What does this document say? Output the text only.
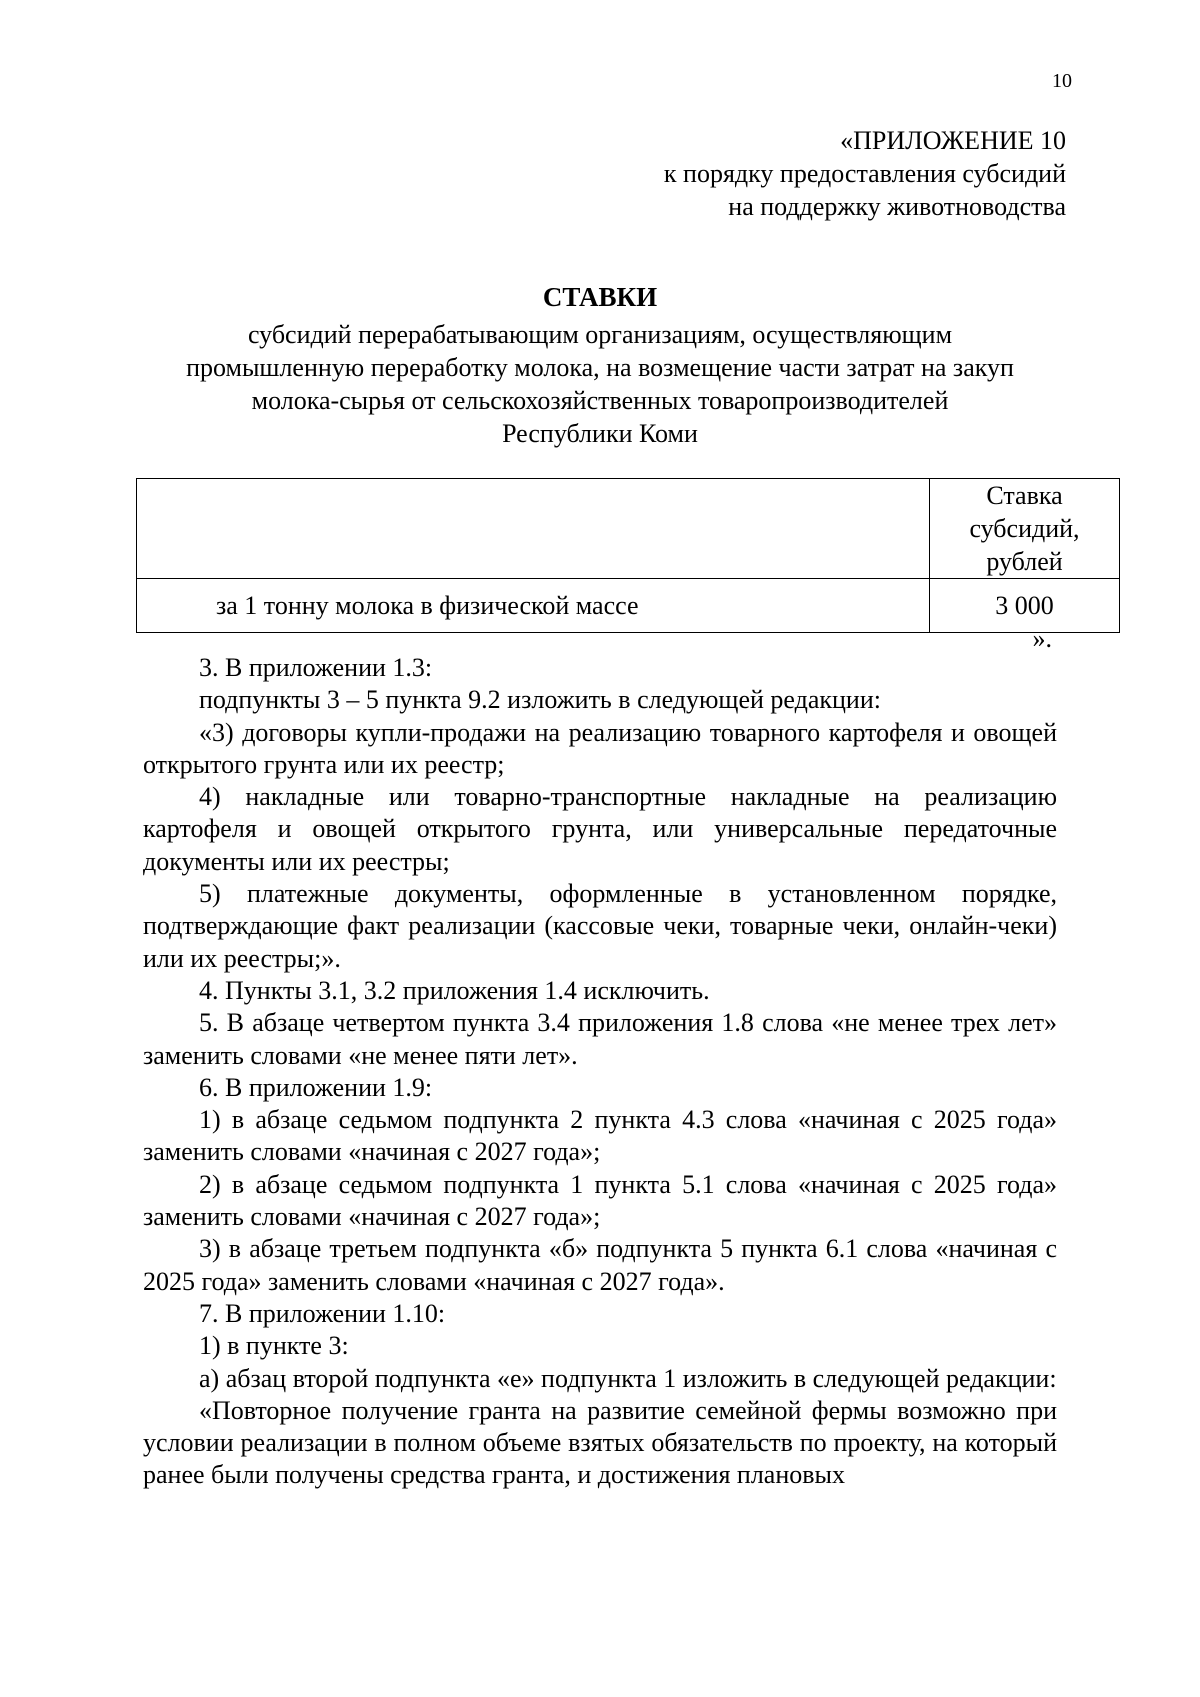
10
«ПРИЛОЖЕНИЕ 10
к порядку предоставления субсидий
на поддержку животноводства
СТАВКИ
субсидий перерабатывающим организациям, осуществляющим
промышленную переработку молока, на возмещение части затрат на закуп
молока-сырья от сельскохозяйственных товаропроизводителей
Республики Коми

	Ставка
субсидий, рублей

за 1 тонну молока в физической массе	3 000
».

3. В приложении 1.3:

подпункты 3 – 5 пункта 9.2 изложить в следующей редакции:

«3) договоры купли-продажи на реализацию товарного картофеля и овощей открытого грунта или их реестр;

4) накладные или товарно-транспортные накладные на реализацию картофеля и овощей открытого грунта, или универсальные передаточные документы или их реестры;

5) платежные документы, оформленные в установленном порядке, подтверждающие факт реализации (кассовые чеки, товарные чеки, онлайн-чеки) или их реестры;».

4. Пункты 3.1, 3.2 приложения 1.4 исключить.

5. В абзаце четвертом пункта 3.4 приложения 1.8 слова «не менее трех лет» заменить словами «не менее пяти лет».

6. В приложении 1.9:

1) в абзаце седьмом подпункта 2 пункта 4.3 слова «начиная с 2025 года» заменить словами «начиная с 2027 года»;

2) в абзаце седьмом подпункта 1 пункта 5.1 слова «начиная с 2025 года» заменить словами «начиная с 2027 года»;

3) в абзаце третьем подпункта «б» подпункта 5 пункта 6.1 слова «начиная с 2025 года» заменить словами «начиная с 2027 года».

7. В приложении 1.10:

1) в пункте 3:

а) абзац второй подпункта «е» подпункта 1 изложить в следующей редакции:

«Повторное получение гранта на развитие семейной фермы возможно при условии реализации в полном объеме взятых обязательств по проекту, на который ранее были получены средства гранта, и достижения плановых
